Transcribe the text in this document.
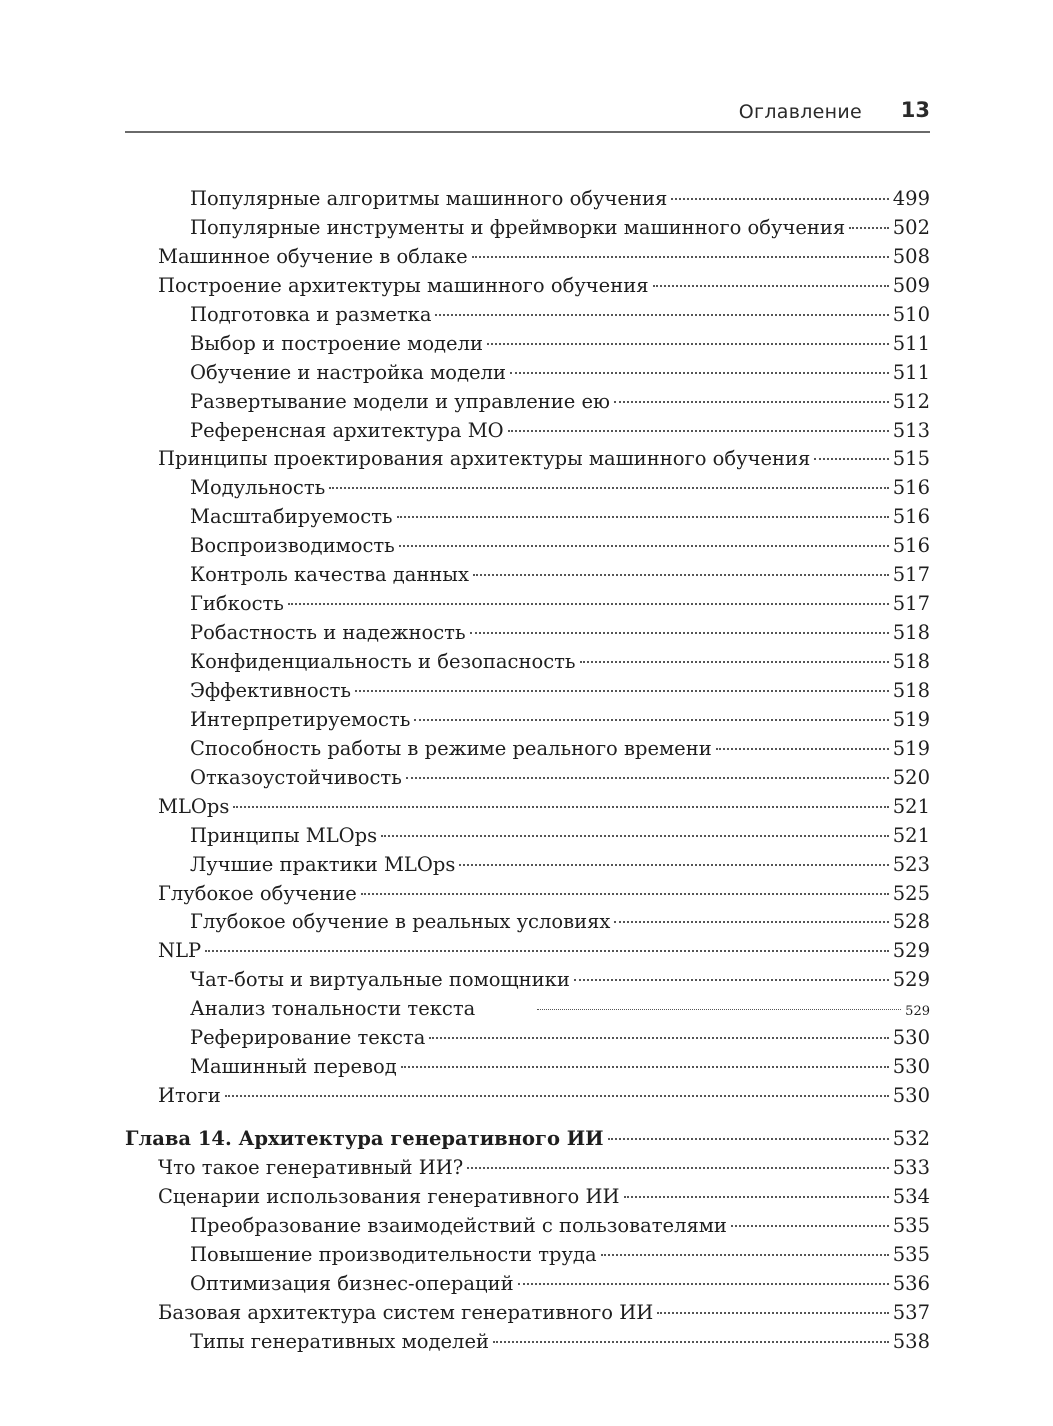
Оглавление 13
Популярные алгоритмы машинного обучения	499
Популярные инструменты и фреймворки машинного обучения 502
Машинное обучение в облаке	508
Построение архитектуры машинного обучения	509
Подготовка и разметка	510
Выбор и построение модели	511
Обучение и настройка модели	511
Развертывание модели и управление ею	512
Референсная архитектура МО	513
Принципы проектирования архитектуры машинного обучения	515
Модульность	516
Масштабируемость	516
Воспроизводимость	516
Контроль качества данных	517
Гибкость	517
Робастность и надежность	518
Конфиденциальность и безопасность	518
Эффективность	518
Интерпретируемость	519
Способность работы в режиме реального времени	519
Отказоустойчивость	520
MLOps	521
Принципы MLOps	521
Лучшие практики MLOps	523
Глубокое обучение	525
Глубокое обучение в реальных условиях	528
NLP	529
Чат-боты и виртуальные помощники	529
Анализ тональности текста	529
Реферирование текста	530
Машинный перевод	530
Итоги	530
Глава 14. Архитектура генеративного ИИ	532
Что такое генеративный ИИ?	533
Сценарии использования генеративного ИИ	534
Преобразование взаимодействий с пользователями	535
Повышение производительности труда	535
Оптимизация бизнес-операций	536
Базовая архитектура систем генеративного ИИ	537
Типы генеративных моделей	538
